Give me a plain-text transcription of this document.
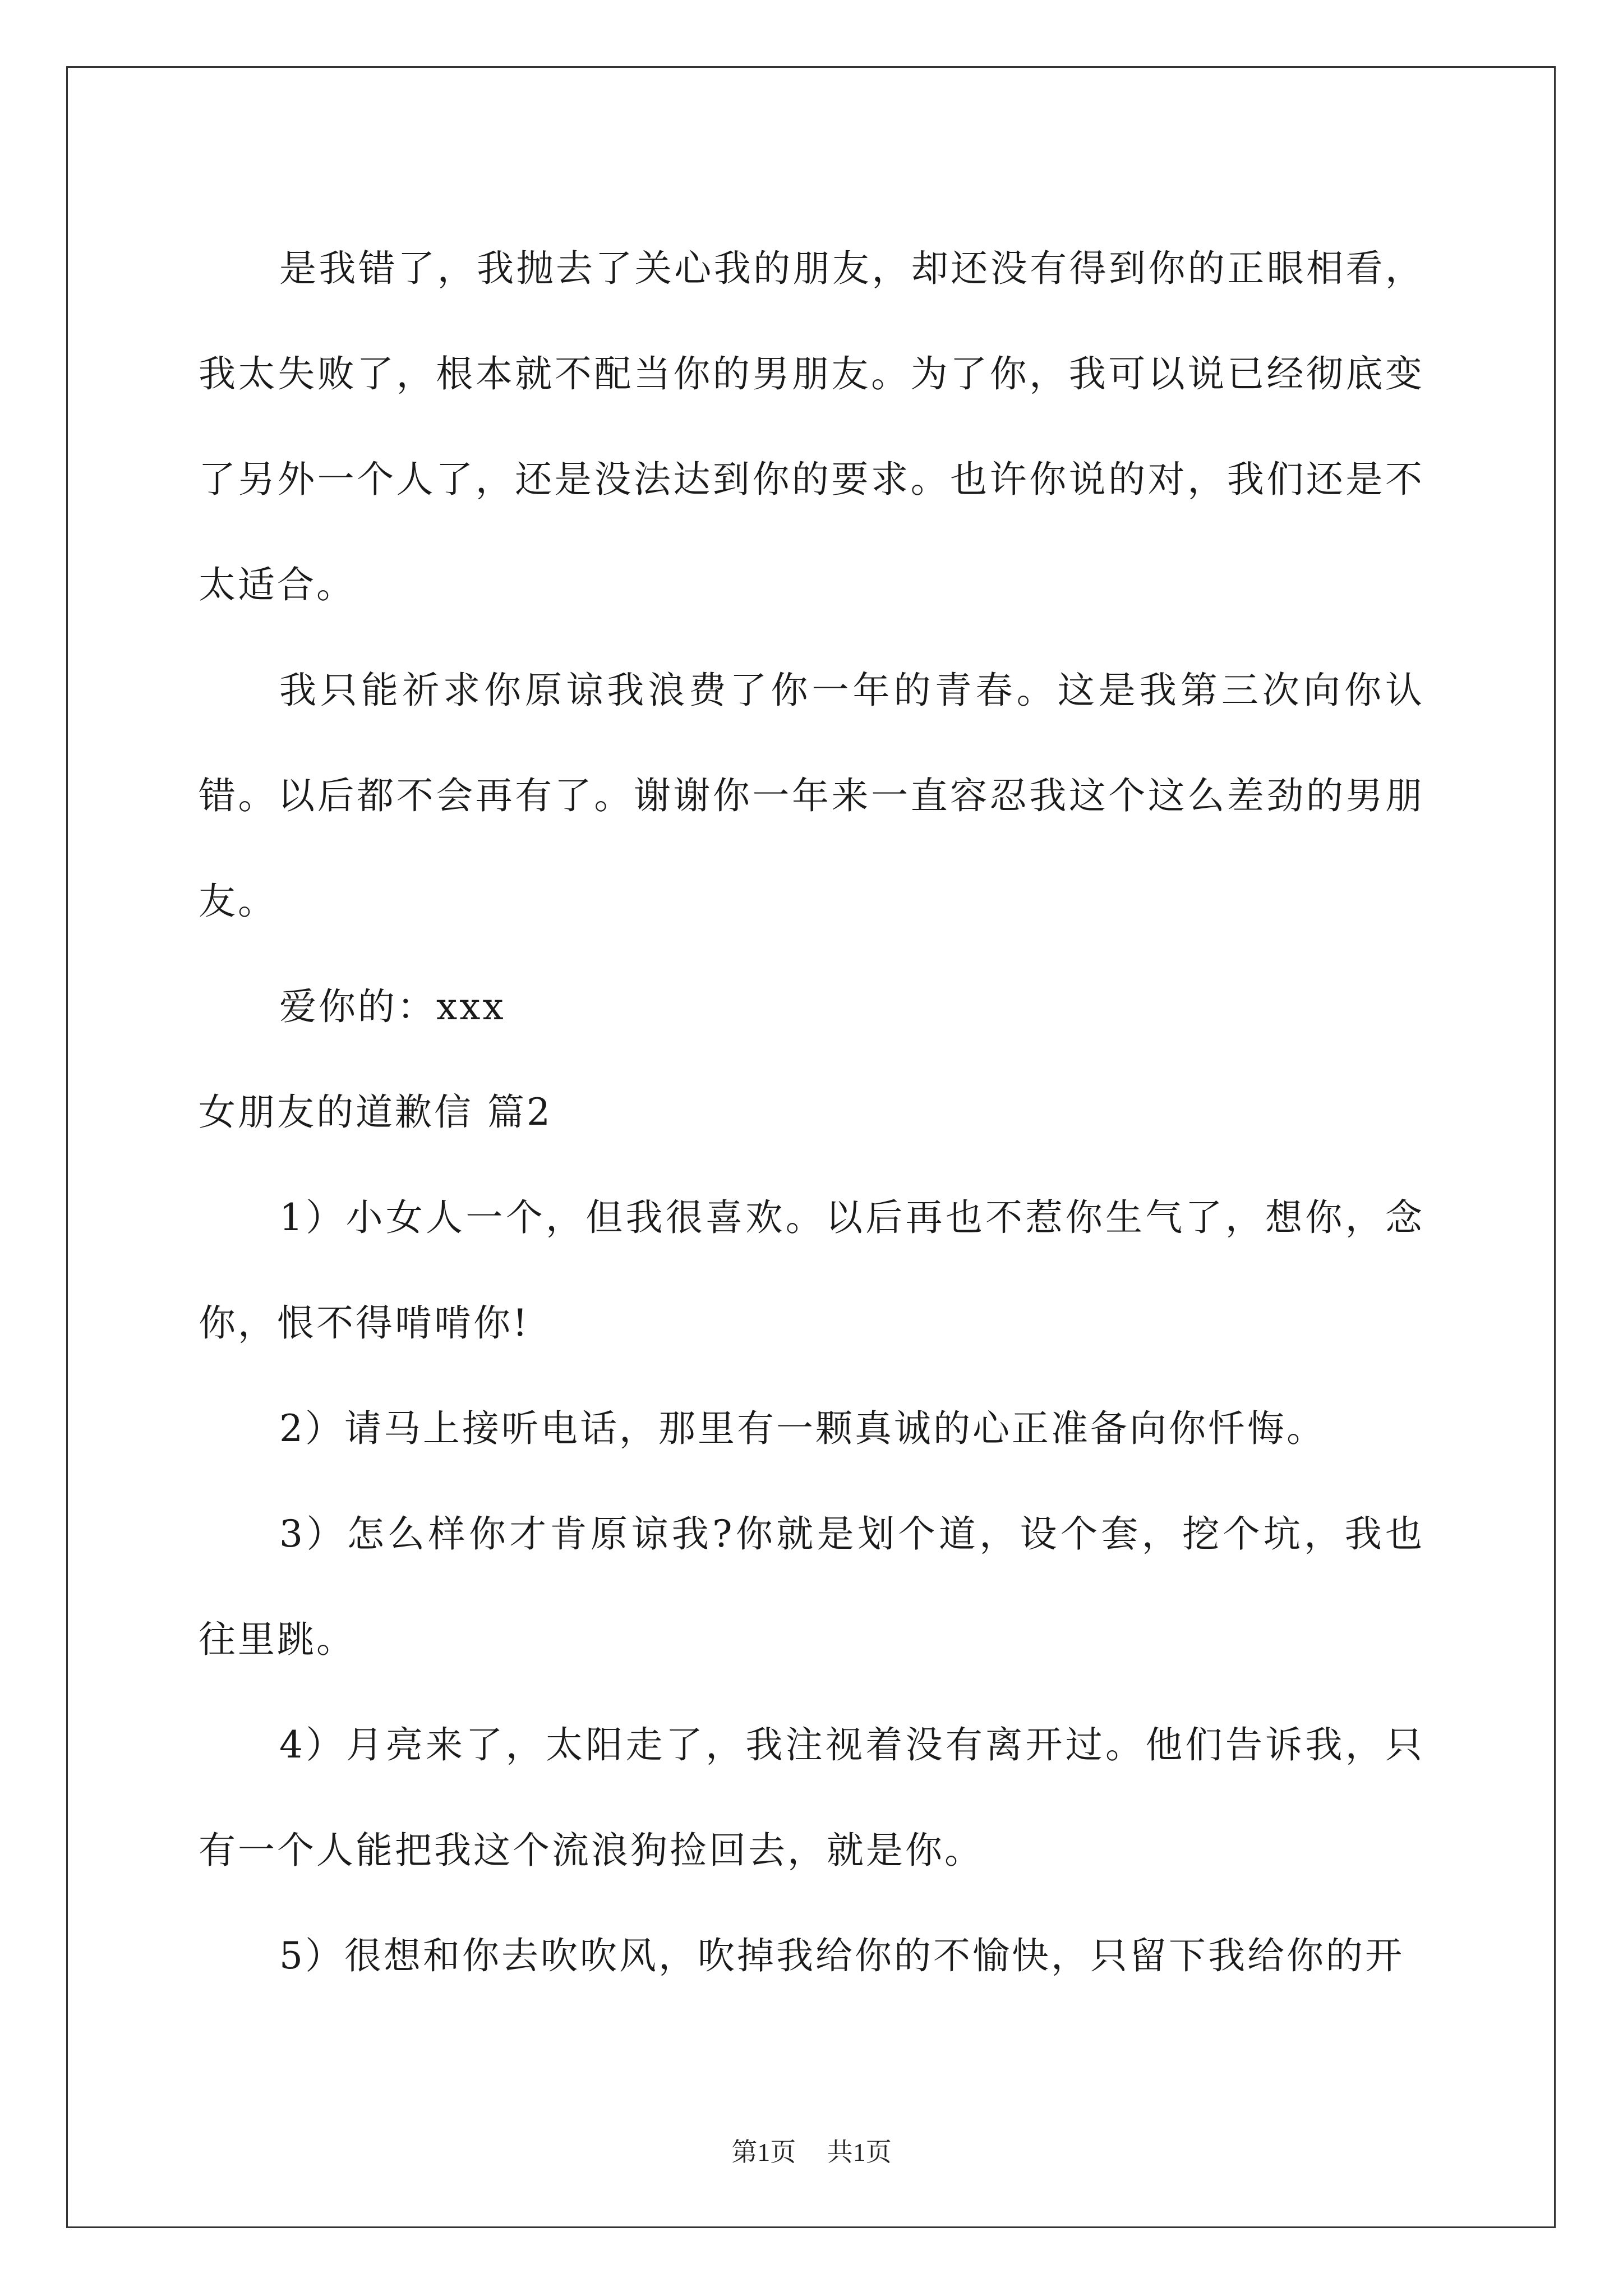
是我错了，我抛去了关心我的朋友，却还没有得到你的正眼相看，我太失败了，根本就不配当你的男朋友。为了你，我可以说已经彻底变了另外一个人了，还是没法达到你的要求。也许你说的对，我们还是不太适合。

我只能祈求你原谅我浪费了你一年的青春。这是我第三次向你认错。以后都不会再有了。谢谢你一年来一直容忍我这个这么差劲的男朋友。

爱你的：xxx

女朋友的道歉信 篇2

1）小女人一个，但我很喜欢。以后再也不惹你生气了，想你，念你，恨不得啃啃你!

2）请马上接听电话，那里有一颗真诚的心正准备向你忏悔。

3）怎么样你才肯原谅我?你就是划个道，设个套，挖个坑，我也往里跳。

4）月亮来了，太阳走了，我注视着没有离开过。他们告诉我，只有一个人能把我这个流浪狗捡回去，就是你。

5）很想和你去吹吹风，吹掉我给你的不愉快，只留下我给你的开

第1页 共1页
